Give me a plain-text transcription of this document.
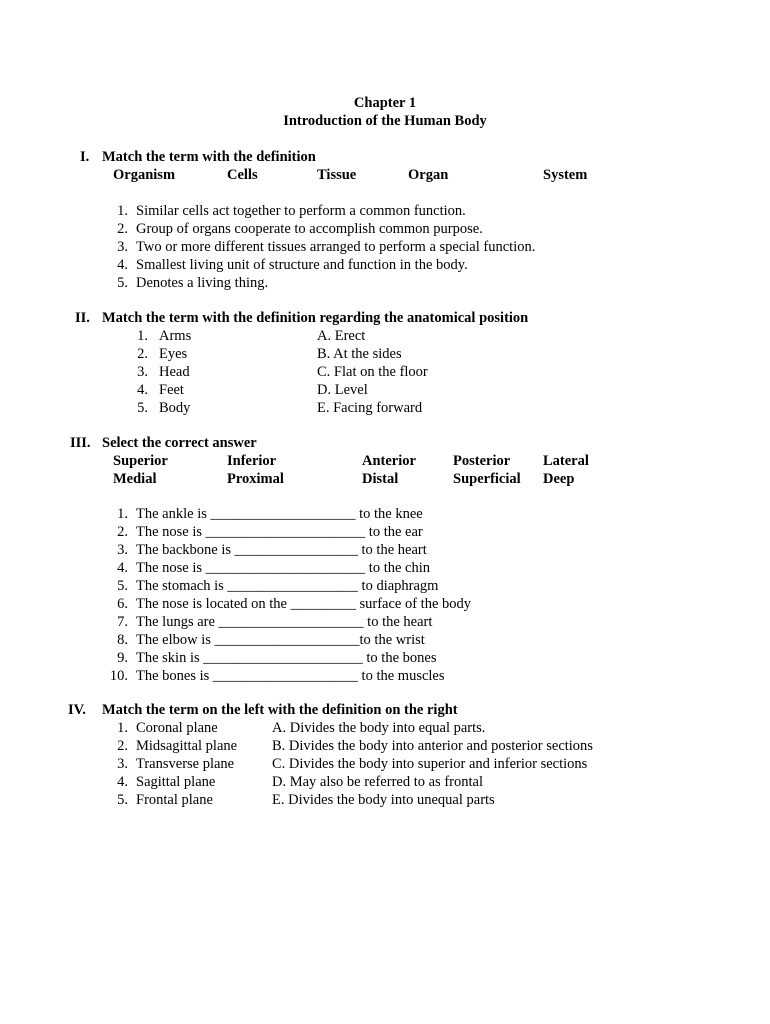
Chapter 1
Introduction of the Human Body
I. Match the term with the definition
Organism	Cells	Tissue	Organ	System
1. Similar cells act together to perform a common function.
2. Group of organs cooperate to accomplish common purpose.
3. Two or more different tissues arranged to perform a special function.
4. Smallest living unit of structure and function in the body.
5. Denotes a living thing.
II. Match the term with the definition regarding the anatomical position
1. Arms	A. Erect
2. Eyes	B. At the sides
3. Head	C. Flat on the floor
4. Feet	D. Level
5. Body	E. Facing forward
III. Select the correct answer
Superior	Inferior	Anterior	Posterior Lateral
Medial	Proximal	Distal	Superficial Deep
1. The ankle is ____________________ to the knee
2. The nose is ______________________ to the ear
3. The backbone is _________________ to the heart
4. The nose is ______________________ to the chin
5. The stomach is __________________ to diaphragm
6. The nose is located on the _________ surface of the body
7. The lungs are ____________________ to the heart
8. The elbow is ____________________to the wrist
9. The skin is ______________________ to the bones
10. The bones is ____________________ to the muscles
IV. Match the term on the left with the definition on the right
1. Coronal plane	A. Divides the body into equal parts.
2. Midsagittal plane B. Divides the body into anterior and posterior sections
3. Transverse plane	C. Divides the body into superior and inferior sections
4. Sagittal plane	D. May also be referred to as frontal
5. Frontal plane	E. Divides the body into unequal parts
